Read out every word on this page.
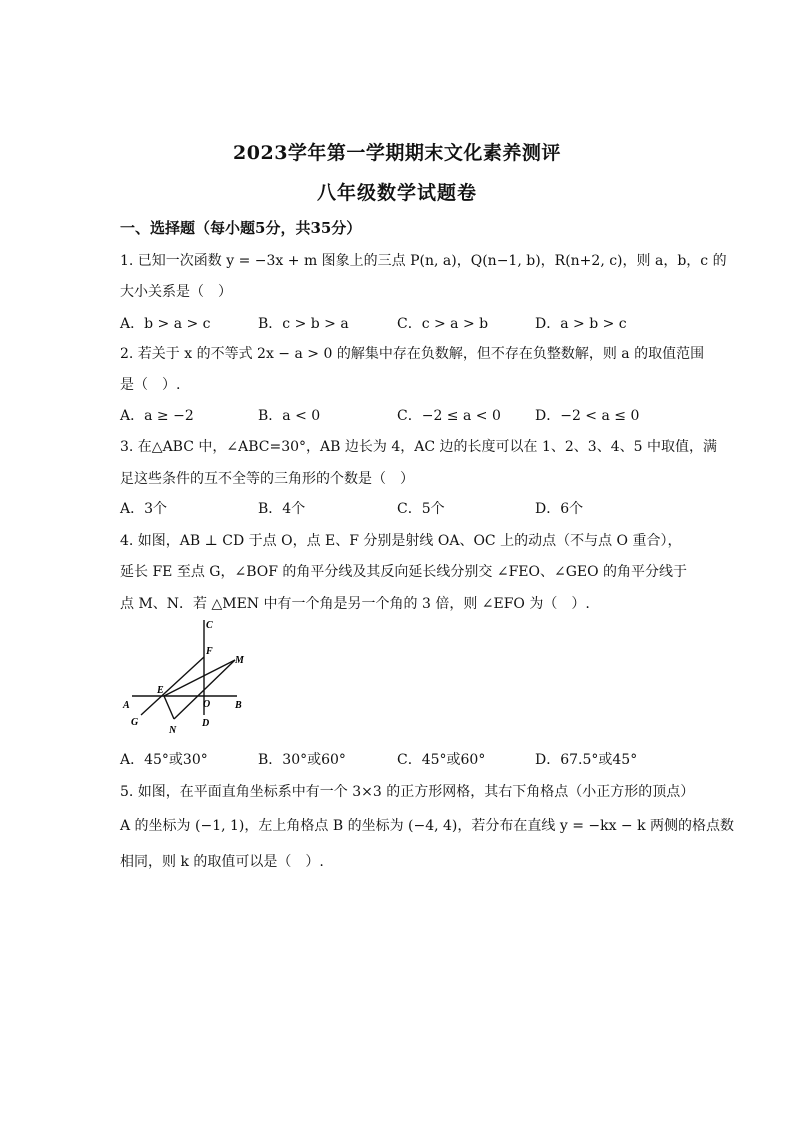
2023学年第一学期期末文化素养测评
八年级数学试题卷
一、选择题（每小题5分，共35分）
1. 已知一次函数 y = −3x + m 图象上的三点 P(n, a)，Q(n−1, b)，R(n+2, c)，则 a，b，c 的
大小关系是（　）
A．b > a > c	B．c > b > a	C．c > a > b	D．a > b > c
2. 若关于 x 的不等式 2x − a > 0 的解集中存在负数解，但不存在负整数解，则 a 的取值范围
是（　）.
A．a ≥ −2	B．a < 0	C．−2 ≤ a < 0 D．−2 < a ≤ 0
3. 在△ABC 中，∠ABC=30°，AB 边长为 4，AC 边的长度可以在 1、2、3、4、5 中取值，满
足这些条件的互不全等的三角形的个数是（　）
A．3个	B．4个	C．5个	D．6个
4. 如图，AB ⊥ CD 于点 O，点 E、F 分别是射线 OA、OC 上的动点（不与点 O 重合），
延长 FE 至点 G，∠BOF 的角平分线及其反向延长线分别交 ∠FEO、∠GEO 的角平分线于
点 M、N．若 △MEN 中有一个角是另一个角的 3 倍，则 ∠EFO 为（　）.
C
F
M
E
O
A	B
G
N
D
A．45°或30°	B．30°或60°	C．45°或60°	D．67.5°或45°
5. 如图，在平面直角坐标系中有一个 3×3 的正方形网格，其右下角格点（小正方形的顶点）
A 的坐标为 (−1, 1)，左上角格点 B 的坐标为 (−4, 4)，若分布在直线 y = −kx − k 两侧的格点数
相同，则 k 的取值可以是（　）.
